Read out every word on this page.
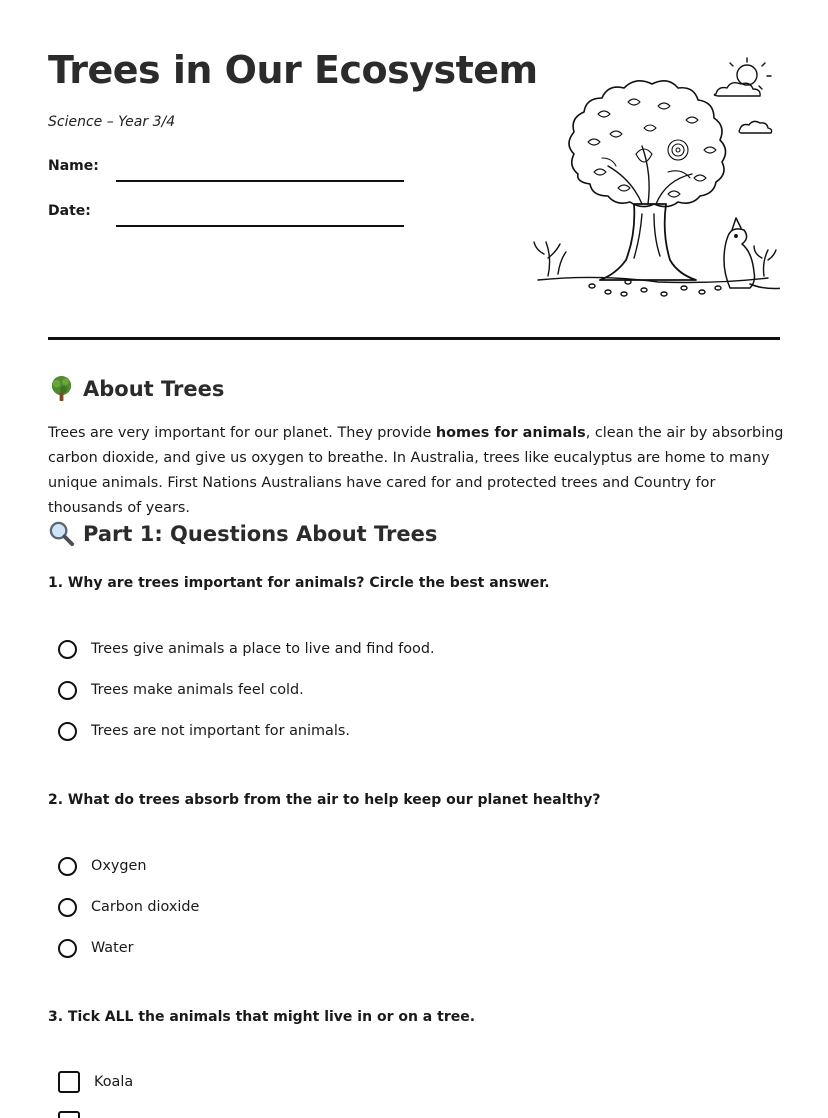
Trees in Our Ecosystem
Science – Year 3/4
Name:
Date:
About Trees

Trees are very important for our planet. They provide homes for animals, clean the air by absorbing carbon dioxide, and give us oxygen to breathe. In Australia, trees like eucalyptus are home to many unique animals. First Nations Australians have cared for and protected trees and Country for thousands of years.

Part 1: Questions About Trees

1. Why are trees important for animals? Circle the best answer.

Trees give animals a place to live and find food.
Trees make animals feel cold.
Trees are not important for animals.

2. What do trees absorb from the air to help keep our planet healthy?

Oxygen
Carbon dioxide
Water

3. Tick ALL the animals that might live in or on a tree.

Koala
